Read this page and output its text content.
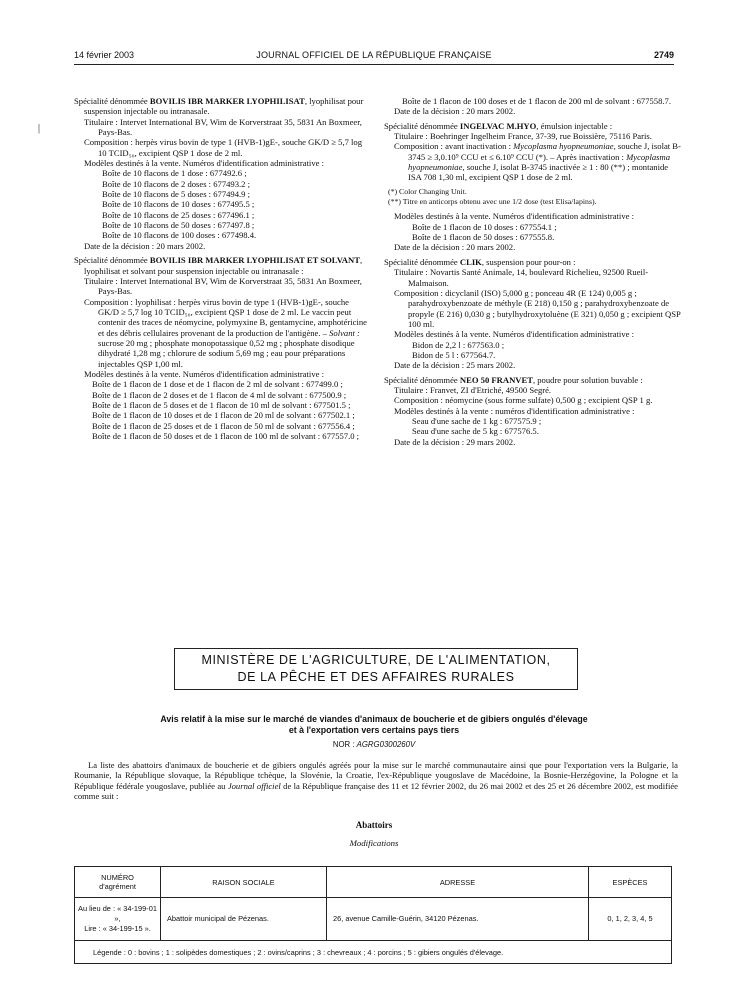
14 février 2003	JOURNAL OFFICIEL DE LA RÉPUBLIQUE FRANÇAISE	2749
|

Spécialité dénommée BOVILIS IBR MARKER LYOPHILISAT, lyophilisat pour suspension injectable ou intranasale.

Titulaire : Intervet International BV, Wim de Korverstraat 35, 5831 An Boxmeer, Pays-Bas.

Composition : herpès virus bovin de type 1 (HVB-1)gE-, souche GK/D ≥ 5,7 log 10 TCID₅₀, excipient QSP 1 dose de 2 ml.

Modèles destinés à la vente. Numéros d'identification administrative :

Boîte de 10 flacons de 1 dose : 677492.6 ;

Boîte de 10 flacons de 2 doses : 677493.2 ;

Boîte de 10 flacons de 5 doses : 677494.9 ;

Boîte de 10 flacons de 10 doses : 677495.5 ;

Boîte de 10 flacons de 25 doses : 677496.1 ;

Boîte de 10 flacons de 50 doses : 677497.8 ;

Boîte de 10 flacons de 100 doses : 677498.4.

Date de la décision : 20 mars 2002.

Spécialité dénommée BOVILIS IBR MARKER LYOPHILISAT ET SOLVANT, lyophilisat et solvant pour suspension injectable ou intranasale :

Titulaire : Intervet International BV, Wim de Korverstraat 35, 5831 An Boxmeer, Pays-Bas.

Composition : lyophilisat : herpès virus bovin de type 1 (HVB-1)gE-, souche GK/D ≥ 5,7 log 10 TCID₅₀, excipient QSP 1 dose de 2 ml. Le vaccin peut contenir des traces de néomycine, polymyxine B, gentamycine, amphotéricine et des débris cellulaires provenant de la production de l'antigène. – Solvant : sucrose 20 mg ; phosphate monopotassique 0,52 mg ; phosphate disodique dihydraté 1,28 mg ; chlorure de sodium 5,69 mg ; eau pour préparations injectables QSP 1,00 ml.

Modèles destinés à la vente. Numéros d'identification administrative :

Boîte de 1 flacon de 1 dose et de 1 flacon de 2 ml de solvant : 677499.0 ;

Boîte de 1 flacon de 2 doses et de 1 flacon de 4 ml de solvant : 677500.9 ;

Boîte de 1 flacon de 5 doses et de 1 flacon de 10 ml de solvant : 677501.5 ;

Boîte de 1 flacon de 10 doses et de 1 flacon de 20 ml de solvant : 677502.1 ;

Boîte de 1 flacon de 25 doses et de 1 flacon de 50 ml de solvant : 677556.4 ;

Boîte de 1 flacon de 50 doses et de 1 flacon de 100 ml de solvant : 677557.0 ;

Boîte de 1 flacon de 100 doses et de 1 flacon de 200 ml de solvant : 677558.7.

Date de la décision : 20 mars 2002.

Spécialité dénommée INGELVAC M.HYO, émulsion injectable :

Titulaire : Boehringer Ingelheim France, 37-39, rue Boissière, 75116 Paris.

Composition : avant inactivation : Mycoplasma hyopneumoniae, souche J, isolat B-3745 ≥ 3,0.10⁹ CCU et ≤ 6.10⁹ CCU (*). – Après inactivation : Mycoplasma hyopneumoniae, souche J, isolat B-3745 inactivée ≥ 1 : 80 (**) ; montanide ISA 708 1,30 ml, excipient QSP 1 dose de 2 ml.

(*) Color Changing Unit.

(**) Titre en anticorps obtenu avec une 1/2 dose (test Elisa/lapins).

Modèles destinés à la vente. Numéros d'identification administrative :

Boîte de 1 flacon de 10 doses : 677554.1 ;

Boîte de 1 flacon de 50 doses : 677555.8.

Date de la décision : 20 mars 2002.

Spécialité dénommée CLIK, suspension pour pour-on :

Titulaire : Novartis Santé Animale, 14, boulevard Richelieu, 92500 Rueil-Malmaison.

Composition : dicyclanil (ISO) 5,000 g ; ponceau 4R (E 124) 0,005 g ; parahydroxybenzoate de méthyle (E 218) 0,150 g ; parahydroxybenzoate de propyle (E 216) 0,030 g ; butylhydroxytoluène (E 321) 0,050 g ; excipient QSP 100 ml.

Modèles destinés à la vente. Numéros d'identification administrative :

Bidon de 2,2 l : 677563.0 ;

Bidon de 5 l : 677564.7.

Date de la décision : 25 mars 2002.

Spécialité dénommée NEO 50 FRANVET, poudre pour solution buvable :

Titulaire : Franvet, ZI d'Etriché, 49500 Segré.

Composition : néomycine (sous forme sulfate) 0,500 g ; excipient QSP 1 g.

Modèles destinés à la vente : numéros d'identification administrative :

Seau d'une sache de 1 kg : 677575.9 ;

Seau d'une sache de 5 kg : 677576.5.

Date de la décision : 29 mars 2002.

MINISTÈRE DE L'AGRICULTURE, DE L'ALIMENTATION,
DE LA PÊCHE ET DES AFFAIRES RURALES
Avis relatif à la mise sur le marché de viandes d'animaux de boucherie et de gibiers ongulés d'élevage
et à l'exportation vers certains pays tiers
NOR : AGRG0300260V

La liste des abattoirs d'animaux de boucherie et de gibiers ongulés agréés pour la mise sur le marché communautaire ainsi que pour l'exportation vers la Bulgarie, la Roumanie, la République slovaque, la République tchèque, la Slovénie, la Croatie, l'ex-République yougoslave de Macédoine, la Bosnie-Herzégovine, la Pologne et la République fédérale yougoslave, publiée au Journal officiel de la République française des 11 et 12 février 2002, du 26 mai 2002 et des 25 et 26 décembre 2002, est modifiée comme suit :

Abattoirs
Modifications
NUMÉRO
d'agrément	RAISON SOCIALE	ADRESSE	ESPÈCES
Au lieu de : « 34-199-01 »,
Lire : « 34-199-15 ».
Abattoir municipal de Pézenas.	26, avenue Camille-Guérin, 34120 Pézenas.	0, 1, 2, 3, 4, 5
Légende : 0 : bovins ; 1 : solipèdes domestiques ; 2 : ovins/caprins ; 3 : chevreaux ; 4 : porcins ; 5 : gibiers ongulés d'élevage.
